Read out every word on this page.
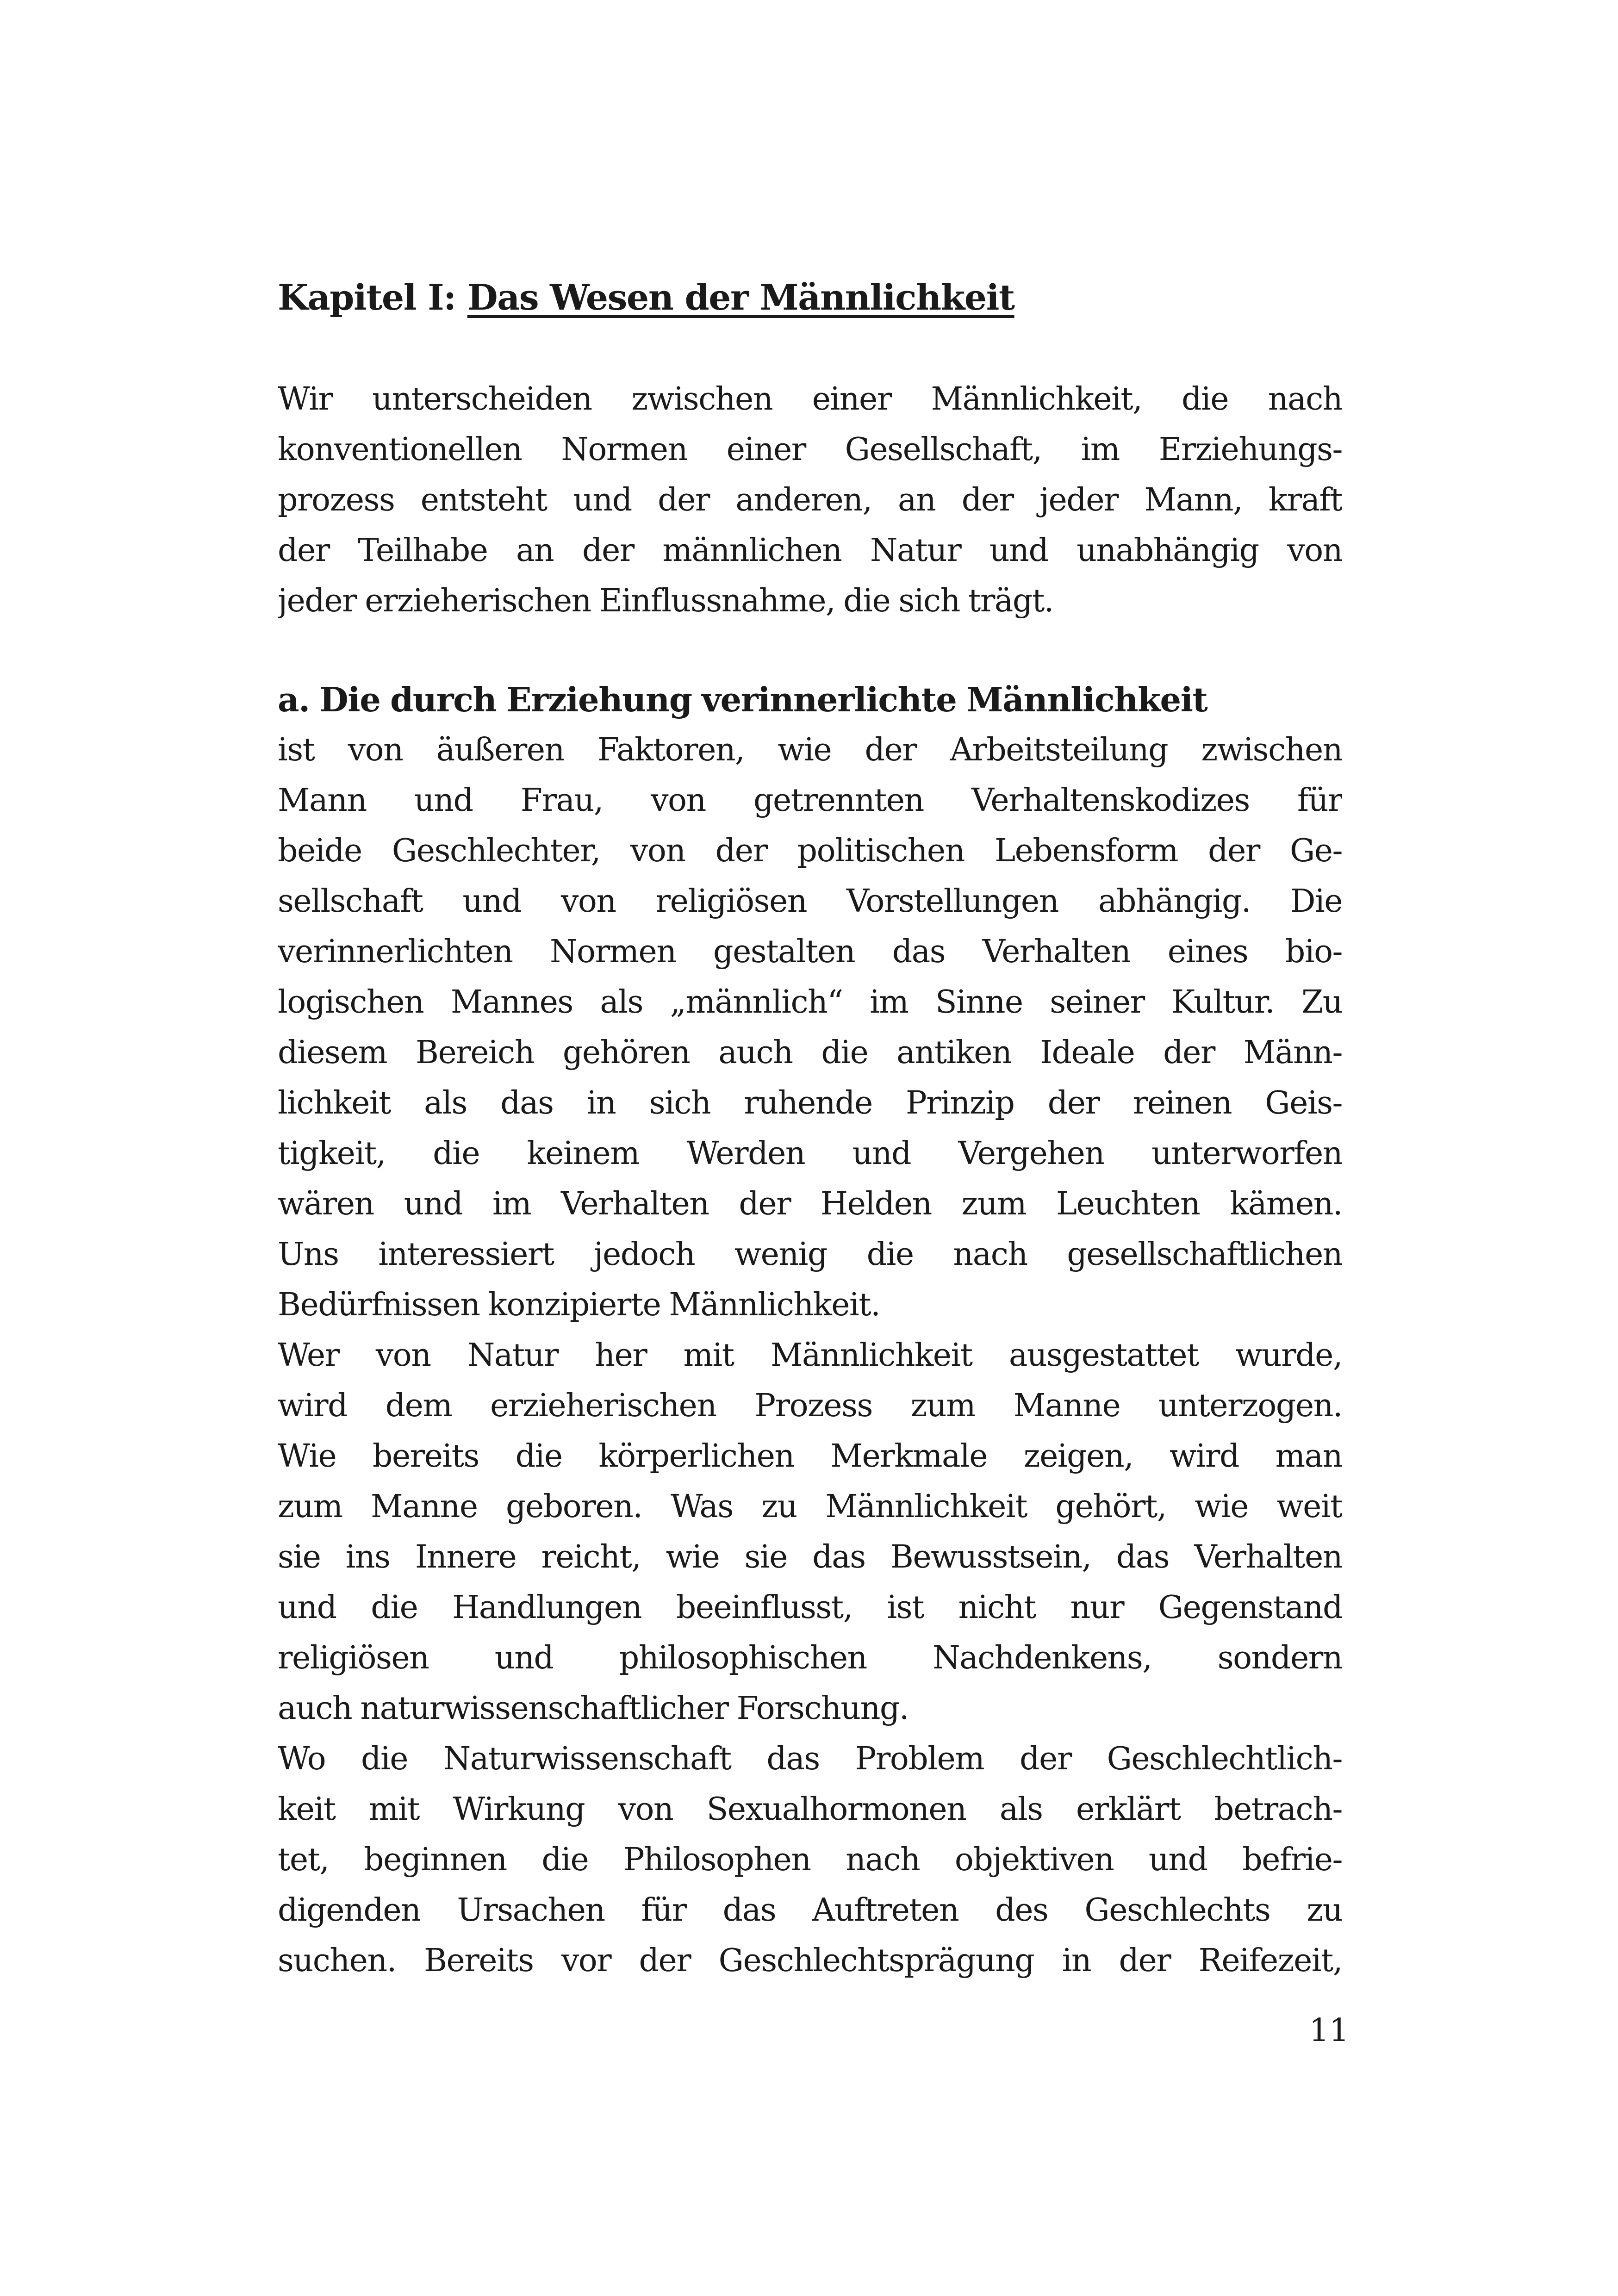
Kapitel I: Das Wesen der Männlichkeit
Wir unterscheiden zwischen einer Männlichkeit, die nach
konventionellen Normen einer Gesellschaft, im Erziehungs-
prozess entsteht und der anderen, an der jeder Mann, kraft
der Teilhabe an der männlichen Natur und unabhängig von
jeder erzieherischen Einflussnahme, die sich trägt.
a. Die durch Erziehung verinnerlichte Männlichkeit
ist von äußeren Faktoren, wie der Arbeitsteilung zwischen
Mann und Frau, von getrennten Verhaltenskodizes für
beide Geschlechter, von der politischen Lebensform der Ge-
sellschaft und von religiösen Vorstellungen abhängig. Die
verinnerlichten Normen gestalten das Verhalten eines bio-
logischen Mannes als „männlich“ im Sinne seiner Kultur. Zu
diesem Bereich gehören auch die antiken Ideale der Männ-
lichkeit als das in sich ruhende Prinzip der reinen Geis-
tigkeit, die keinem Werden und Vergehen unterworfen
wären und im Verhalten der Helden zum Leuchten kämen.
Uns interessiert jedoch wenig die nach gesellschaftlichen
Bedürfnissen konzipierte Männlichkeit.
Wer von Natur her mit Männlichkeit ausgestattet wurde,
wird dem erzieherischen Prozess zum Manne unterzogen.
Wie bereits die körperlichen Merkmale zeigen, wird man
zum Manne geboren. Was zu Männlichkeit gehört, wie weit
sie ins Innere reicht, wie sie das Bewusstsein, das Verhalten
und die Handlungen beeinflusst, ist nicht nur Gegenstand
religiösen und philosophischen Nachdenkens, sondern
auch naturwissenschaftlicher Forschung.
Wo die Naturwissenschaft das Problem der Geschlechtlich-
keit mit Wirkung von Sexualhormonen als erklärt betrach-
tet, beginnen die Philosophen nach objektiven und befrie-
digenden Ursachen für das Auftreten des Geschlechts zu
suchen. Bereits vor der Geschlechtsprägung in der Reifezeit,
11
